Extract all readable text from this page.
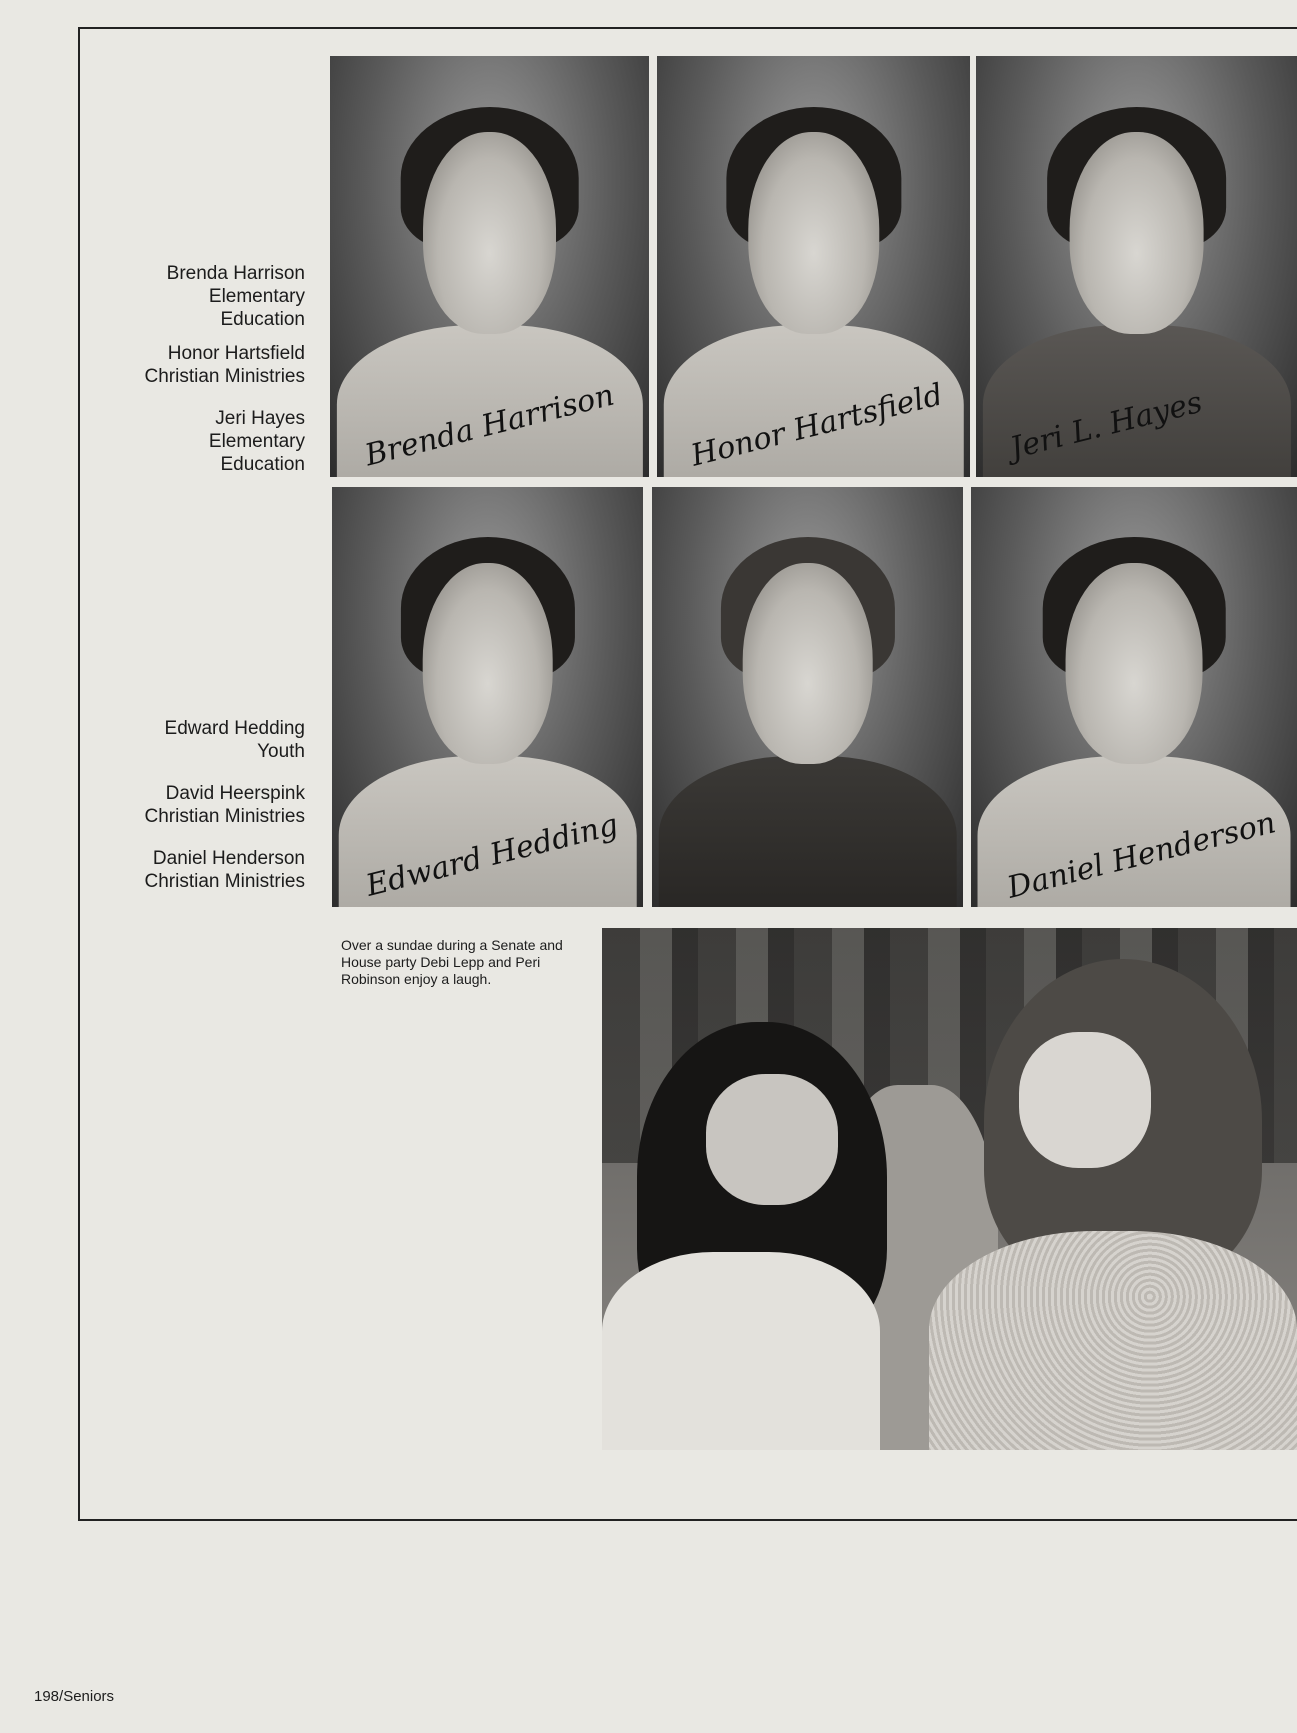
Brenda Harrison
Elementary
Education
Honor Hartsfield
Christian Ministries
Jeri Hayes
Elementary
Education
Edward Hedding
Youth
David Heerspink
Christian Ministries
Daniel Henderson
Christian Ministries
Brenda Harrison Honor Hartsfield Jeri L. Hayes
Edward Hedding	Daniel Henderson
Over a sundae during a Senate and House party Debi Lepp and Peri Robinson enjoy a laugh.
198/Seniors
